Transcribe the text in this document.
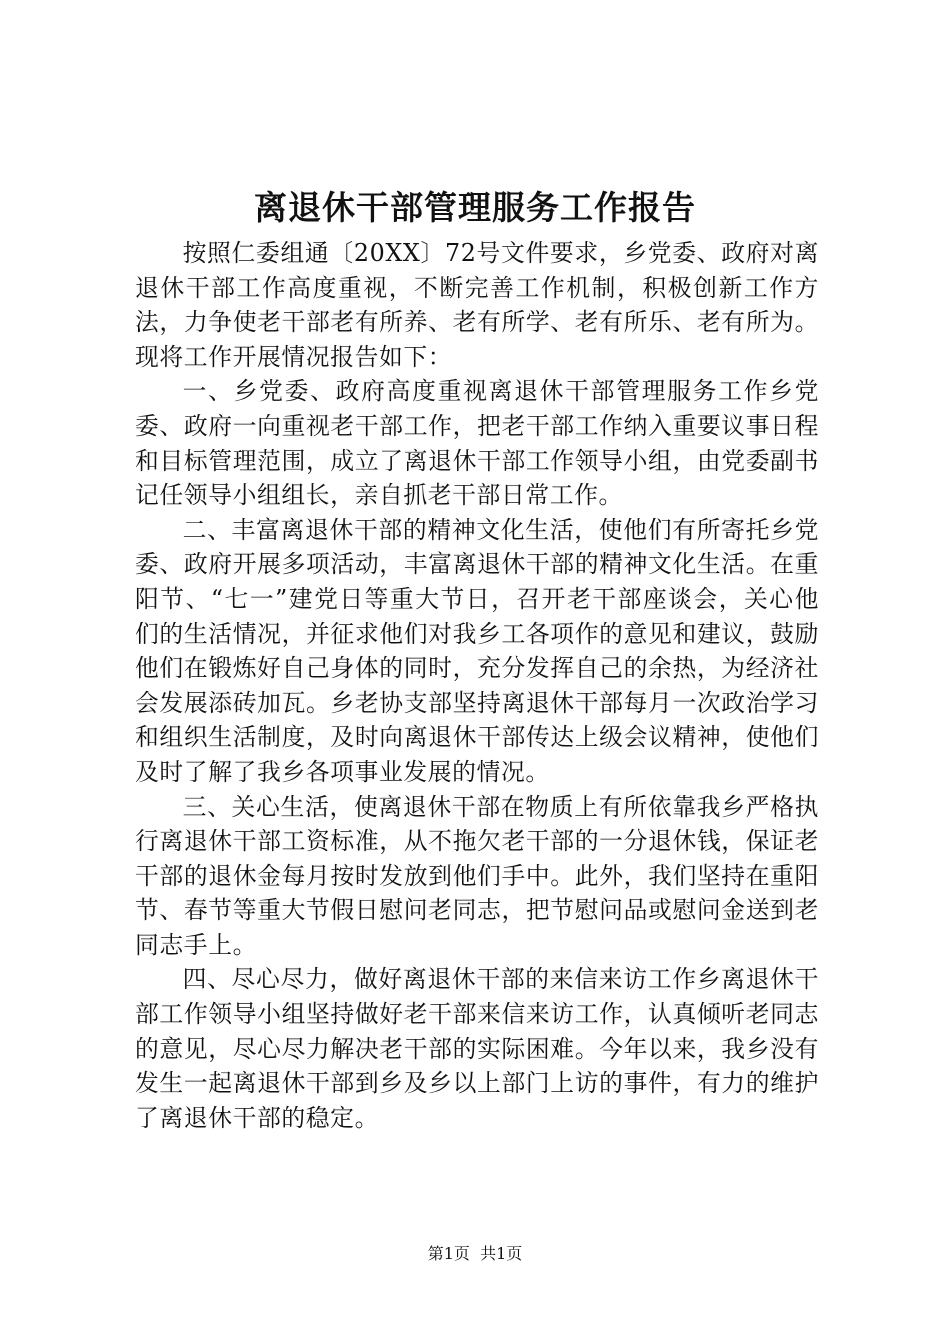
离退休干部管理服务工作报告

按照仁委组通〔20XX〕72号文件要求，乡党委、政府对离退休干部工作高度重视，不断完善工作机制，积极创新工作方法，力争使老干部老有所养、老有所学、老有所乐、老有所为。现将工作开展情况报告如下：

一、乡党委、政府高度重视离退休干部管理服务工作乡党委、政府一向重视老干部工作，把老干部工作纳入重要议事日程和目标管理范围，成立了离退休干部工作领导小组，由党委副书记任领导小组组长，亲自抓老干部日常工作。

二、丰富离退休干部的精神文化生活，使他们有所寄托乡党委、政府开展多项活动，丰富离退休干部的精神文化生活。在重阳节、“七一”建党日等重大节日，召开老干部座谈会，关心他们的生活情况，并征求他们对我乡工各项作的意见和建议，鼓励他们在锻炼好自己身体的同时，充分发挥自己的余热，为经济社会发展添砖加瓦。乡老协支部坚持离退休干部每月一次政治学习和组织生活制度，及时向离退休干部传达上级会议精神，使他们及时了解了我乡各项事业发展的情况。

三、关心生活，使离退休干部在物质上有所依靠我乡严格执行离退休干部工资标准，从不拖欠老干部的一分退休钱，保证老干部的退休金每月按时发放到他们手中。此外，我们坚持在重阳节、春节等重大节假日慰问老同志，把节慰问品或慰问金送到老同志手上。

四、尽心尽力，做好离退休干部的来信来访工作乡离退休干部工作领导小组坚持做好老干部来信来访工作，认真倾听老同志的意见，尽心尽力解决老干部的实际困难。今年以来，我乡没有发生一起离退休干部到乡及乡以上部门上访的事件，有力的维护了离退休干部的稳定。

第1页  共1页
